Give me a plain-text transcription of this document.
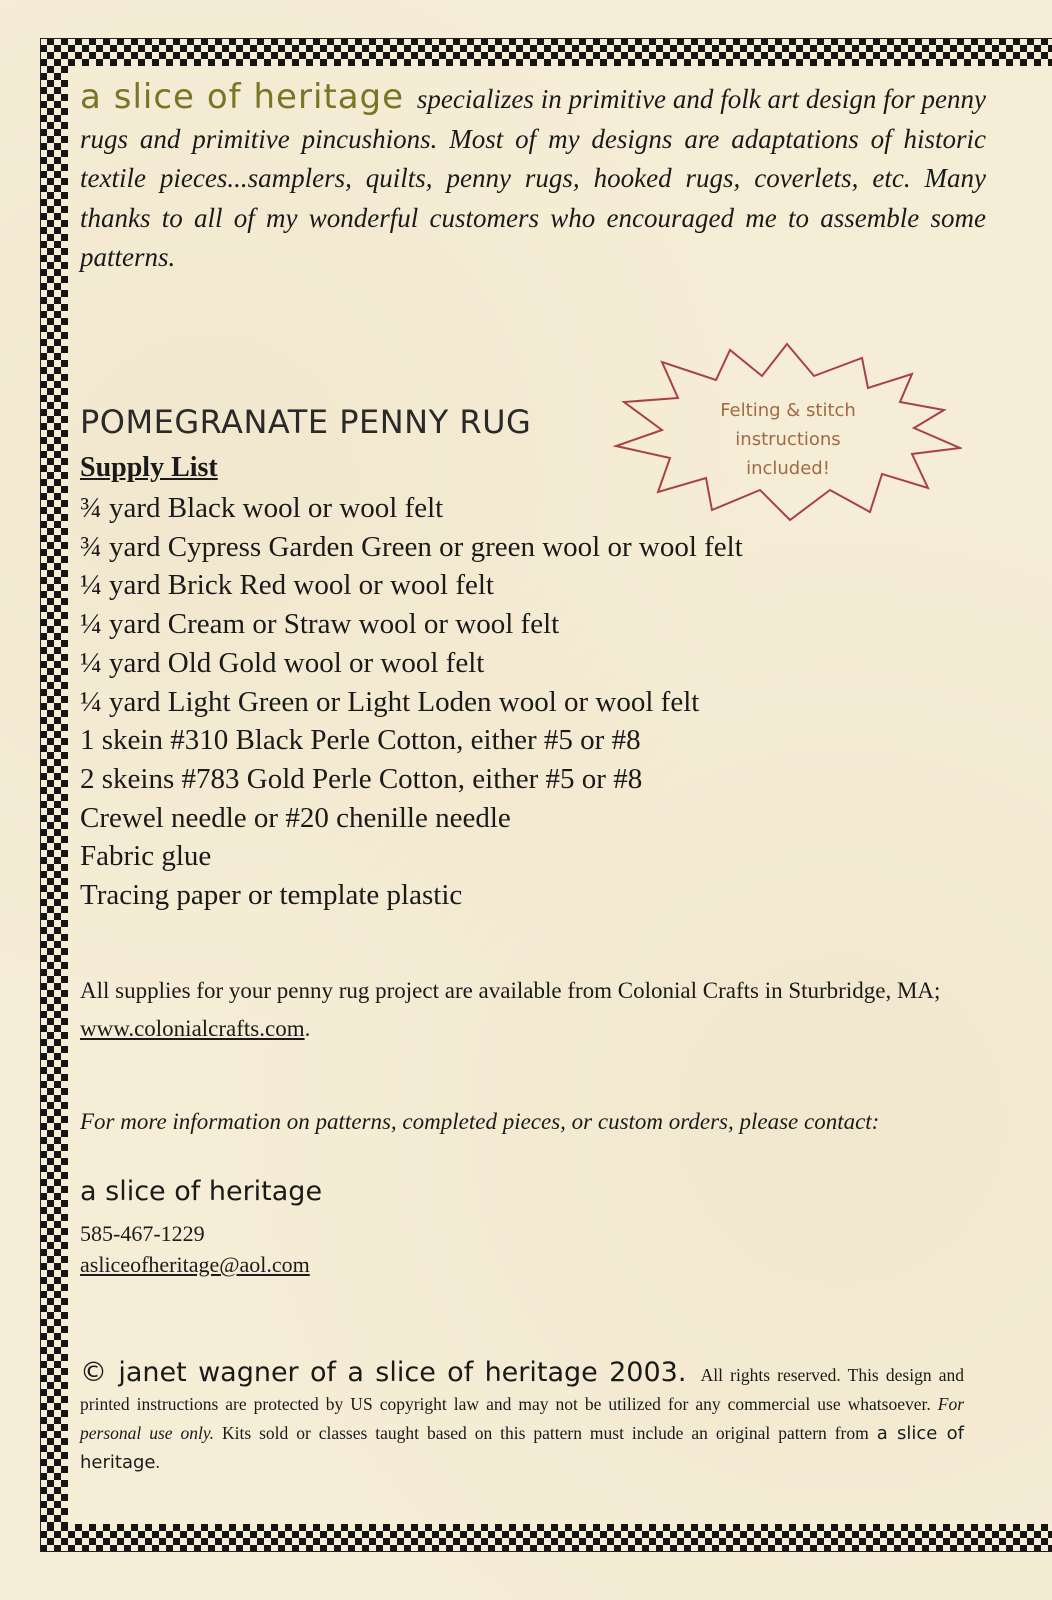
a slice of heritage specializes in primitive and folk art design for penny rugs and primitive pincushions. Most of my designs are adaptations of historic textile pieces...samplers, quilts, penny rugs, hooked rugs, coverlets, etc. Many thanks to all of my wonderful customers who encouraged me to assemble some patterns.

POMEGRANATE PENNY RUG	Felting & stitch
instructions
included!
Supply List
¾ yard Black wool or wool felt
¾ yard Cypress Garden Green or green wool or wool felt
¼ yard Brick Red wool or wool felt
¼ yard Cream or Straw wool or wool felt
¼ yard Old Gold wool or wool felt
¼ yard Light Green or Light Loden wool or wool felt
1 skein #310 Black Perle Cotton, either #5 or #8
2 skeins #783 Gold Perle Cotton, either #5 or #8
Crewel needle or #20 chenille needle
Fabric glue
Tracing paper or template plastic

All supplies for your penny rug project are available from Colonial Crafts in Sturbridge, MA; www.colonialcrafts.com.

For more information on patterns, completed pieces, or custom orders, please contact:
a slice of heritage
585-467-1229
asliceofheritage@aol.com

© janet wagner of a slice of heritage 2003. All rights reserved. This design and printed instructions are protected by US copyright law and may not be utilized for any commercial use whatsoever. For personal use only. Kits sold or classes taught based on this pattern must include an original pattern from a slice of heritage.
